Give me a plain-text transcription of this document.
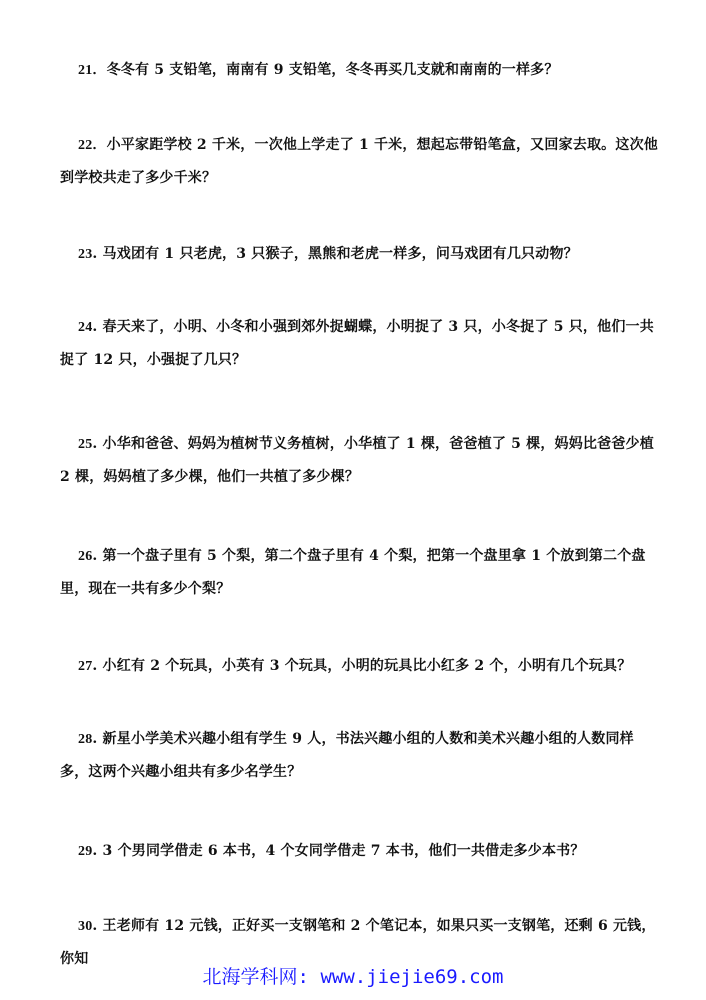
21．冬冬有 5 支铅笔，南南有 9 支铅笔，冬冬再买几支就和南南的一样多？
22．小平家距学校 2 千米，一次他上学走了 1 千米，想起忘带铅笔盒，又回家去取。这次他到学校共走了多少千米？
23. 马戏团有 1 只老虎，3 只猴子，黑熊和老虎一样多，问马戏团有几只动物？
24. 春天来了，小明、小冬和小强到郊外捉蝴蝶，小明捉了 3 只，小冬捉了 5 只，他们一共捉了 12 只，小强捉了几只？
25. 小华和爸爸、妈妈为植树节义务植树，小华植了 1 棵，爸爸植了 5 棵，妈妈比爸爸少植 2 棵，妈妈植了多少棵，他们一共植了多少棵？
26. 第一个盘子里有 5 个梨，第二个盘子里有 4 个梨，把第一个盘里拿 1 个放到第二个盘里，现在一共有多少个梨？
27. 小红有 2 个玩具，小英有 3 个玩具，小明的玩具比小红多 2 个，小明有几个玩具？
28. 新星小学美术兴趣小组有学生 9 人，书法兴趣小组的人数和美术兴趣小组的人数同样多，这两个兴趣小组共有多少名学生？
29. 3 个男同学借走 6 本书，4 个女同学借走 7 本书，他们一共借走多少本书？
30. 王老师有 12 元钱，正好买一支钢笔和 2 个笔记本，如果只买一支钢笔，还剩 6 元钱，你知
北海学科网: www.jiejie69.com
